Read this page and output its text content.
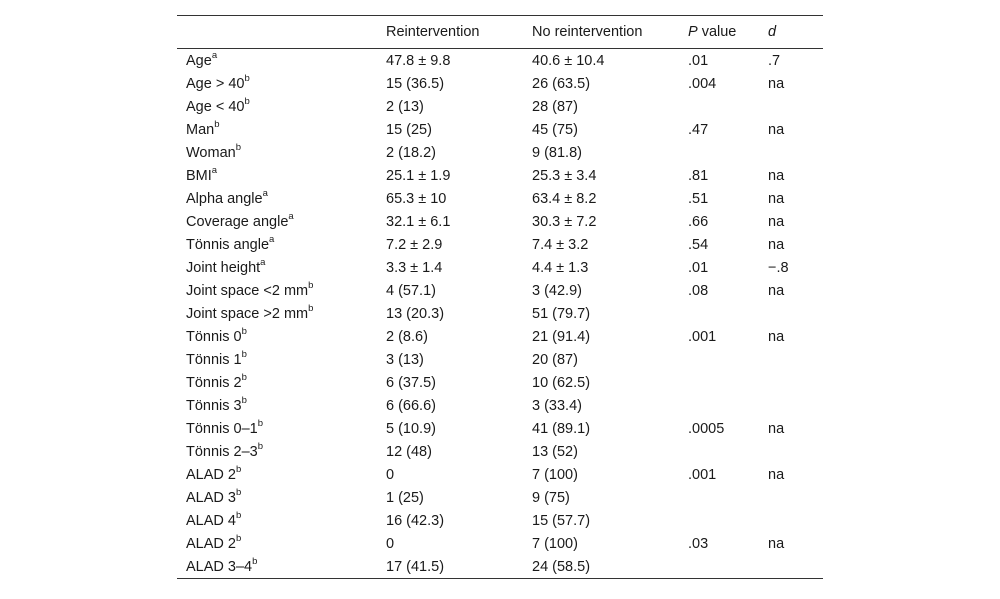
	Reintervention	No reintervention	P value	d
Age$^a$	47.8 ± 9.8	40.6 ± 10.4	.01	.7
Age > $40^b$	15 (36.5)	26 (63.5)	.004	na
Age < $40^b$	2 (13)	28 (87)		
Man$^b$	15 (25)	45 (75)	.47	na
Woman$^b$	2 (18.2)	9 (81.8)		
BMI$^a$	25.1 ± 1.9	25.3 ± 3.4	.81	na
Alpha angle$^a$	65.3 ± 10	63.4 ± 8.2	.51	na
Coverage angle$^a$	32.1 ± 6.1	30.3 ± 7.2	.66	na
Tönnis angle$^a$	7.2 ± 2.9	7.4 ± 3.2	.54	na
Joint height$^a$	3.3 ± 1.4	4.4 ± 1.3	.01	−.8
Joint space <2 $mm^b$	4 (57.1)	3 (42.9)	.08	na
Joint space >2 $mm^b$	13 (20.3)	51 (79.7)		
Tönnis 0$^b$	2 (8.6)	21 (91.4)	.001	na
Tönnis 1$^b$	3 (13)	20 (87)		
Tönnis 2$^b$	6 (37.5)	10 (62.5)		
Tönnis 3$^b$	6 (66.6)	3 (33.4)		
Tönnis 0–1$^b$	5 (10.9)	41 (89.1)	.0005	na
Tönnis 2–3$^b$	12 (48)	13 (52)		
ALAD 2$^b$	0	7 (100)	.001	na
ALAD 3$^b$	1 (25)	9 (75)		
ALAD 4$^b$	16 (42.3)	15 (57.7)		
ALAD 2$^b$	0	7 (100)	.03	na
ALAD 3–4$^b$	17 (41.5)	24 (58.5)		
